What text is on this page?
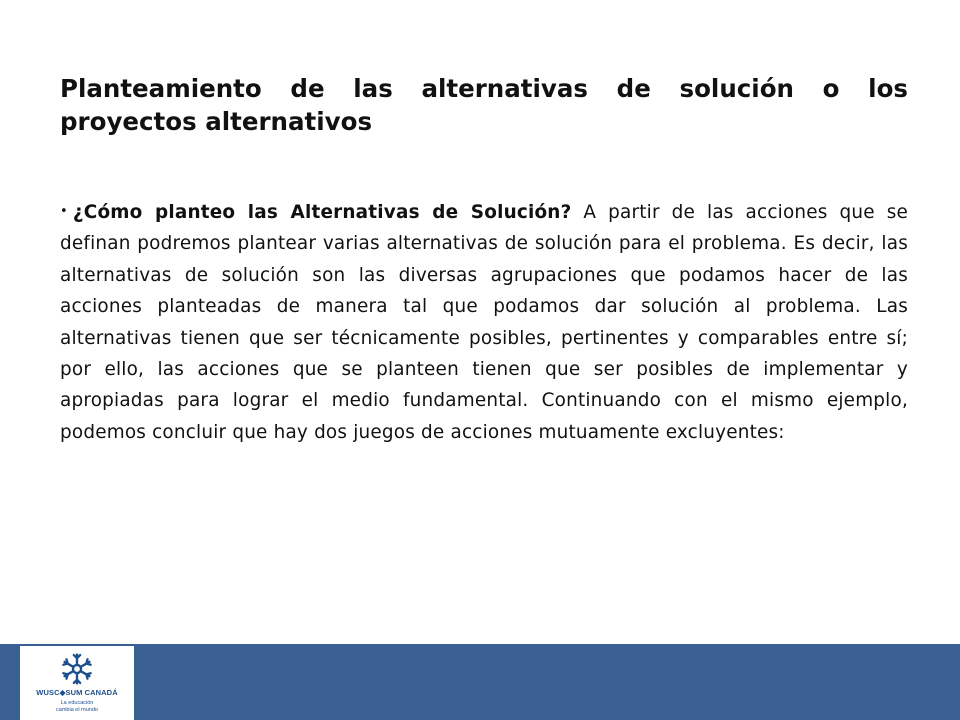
Planteamiento de las alternativas de solución o los proyectos alternativos

• ¿Cómo planteo las Alternativas de Solución? A partir de las acciones que se definan podremos plantear varias alternativas de solución para el problema. Es decir, las alternativas de solución son las diversas agrupaciones que podamos hacer de las acciones planteadas de manera tal que podamos dar solución al problema. Las alternativas tienen que ser técnicamente posibles, pertinentes y comparables entre sí; por ello, las acciones que se planteen tienen que ser posibles de implementar y apropiadas para lograr el medio fundamental. Continuando con el mismo ejemplo, podemos concluir que hay dos juegos de acciones mutuamente excluyentes:

WUSC◆SUM CANADÁ
La educación
cambia el mundo
